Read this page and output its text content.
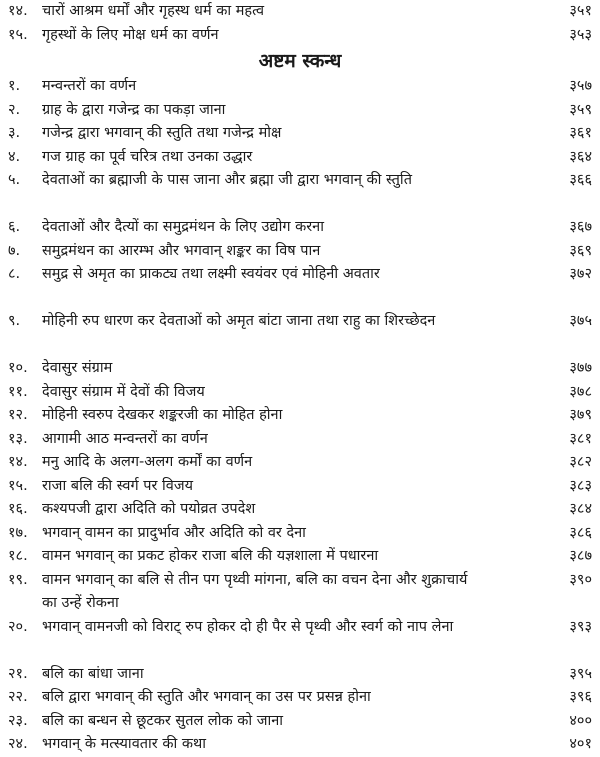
१४. चारों आश्रम धर्मों और गृहस्थ धर्म का महत्व	३५१
१५. गृहस्थों के लिए मोक्ष धर्म का वर्णन	३५३
अष्टम स्कन्ध
१.	मन्वन्तरों का वर्णन	३५७
२.	ग्राह के द्वारा गजेन्द्र का पकड़ा जाना	३५९
३.	गजेन्द्र द्वारा भगवान् की स्तुति तथा गजेन्द्र मोक्ष	३६१
४.	गज ग्राह का पूर्व चरित्र तथा उनका उद्धार	३६४
५.	देवताओं का ब्रह्माजी के पास जाना और ब्रह्मा जी द्वारा भगवान् की स्तुति	३६६
६.	देवताओं और दैत्यों का समुद्रमंथन के लिए उद्योग करना	३६७
७.	समुद्रमंथन का आरम्भ और भगवान् शङ्कर का विष पान	३६९
८.	समुद्र से अमृत का प्राकट्य तथा लक्ष्मी स्वयंवर एवं मोहिनी अवतार	३७२
९.	मोहिनी रुप धारण कर देवताओं को अमृत बांटा जाना तथा राहु का शिरच्छेदन	३७५
१०. देवासुर संग्राम	३७७
११. देवासुर संग्राम में देवों की विजय	३७८
१२. मोहिनी स्वरुप देखकर शङ्करजी का मोहित होना	३७९
१३. आगामी आठ मन्वन्तरों का वर्णन	३८१
१४. मनु आदि के अलग-अलग कर्मों का वर्णन	३८२
१५. राजा बलि की स्वर्ग पर विजय	३८३
१६. कश्यपजी द्वारा अदिति को पयोव्रत उपदेश	३८४
१७. भगवान् वामन का प्रादुर्भाव और अदिति को वर देना	३८६
१८. वामन भगवान् का प्रकट होकर राजा बलि की यज्ञशाला में पधारना	३८७
१९. वामन भगवान् का बलि से तीन पग पृथ्वी मांगना, बलि का वचन देना और शुक्राचार्य का उन्हें रोकना
३९०
२०. भगवान् वामनजी को विराट् रुप होकर दो ही पैर से पृथ्वी और स्वर्ग को नाप लेना	३९३
२१. बलि का बांधा जाना	३९५
२२. बलि द्वारा भगवान् की स्तुति और भगवान् का उस पर प्रसन्न होना	३९६
२३. बलि का बन्धन से छूटकर सुतल लोक को जाना	४००
२४. भगवान् के मत्स्यावतार की कथा	४०१
